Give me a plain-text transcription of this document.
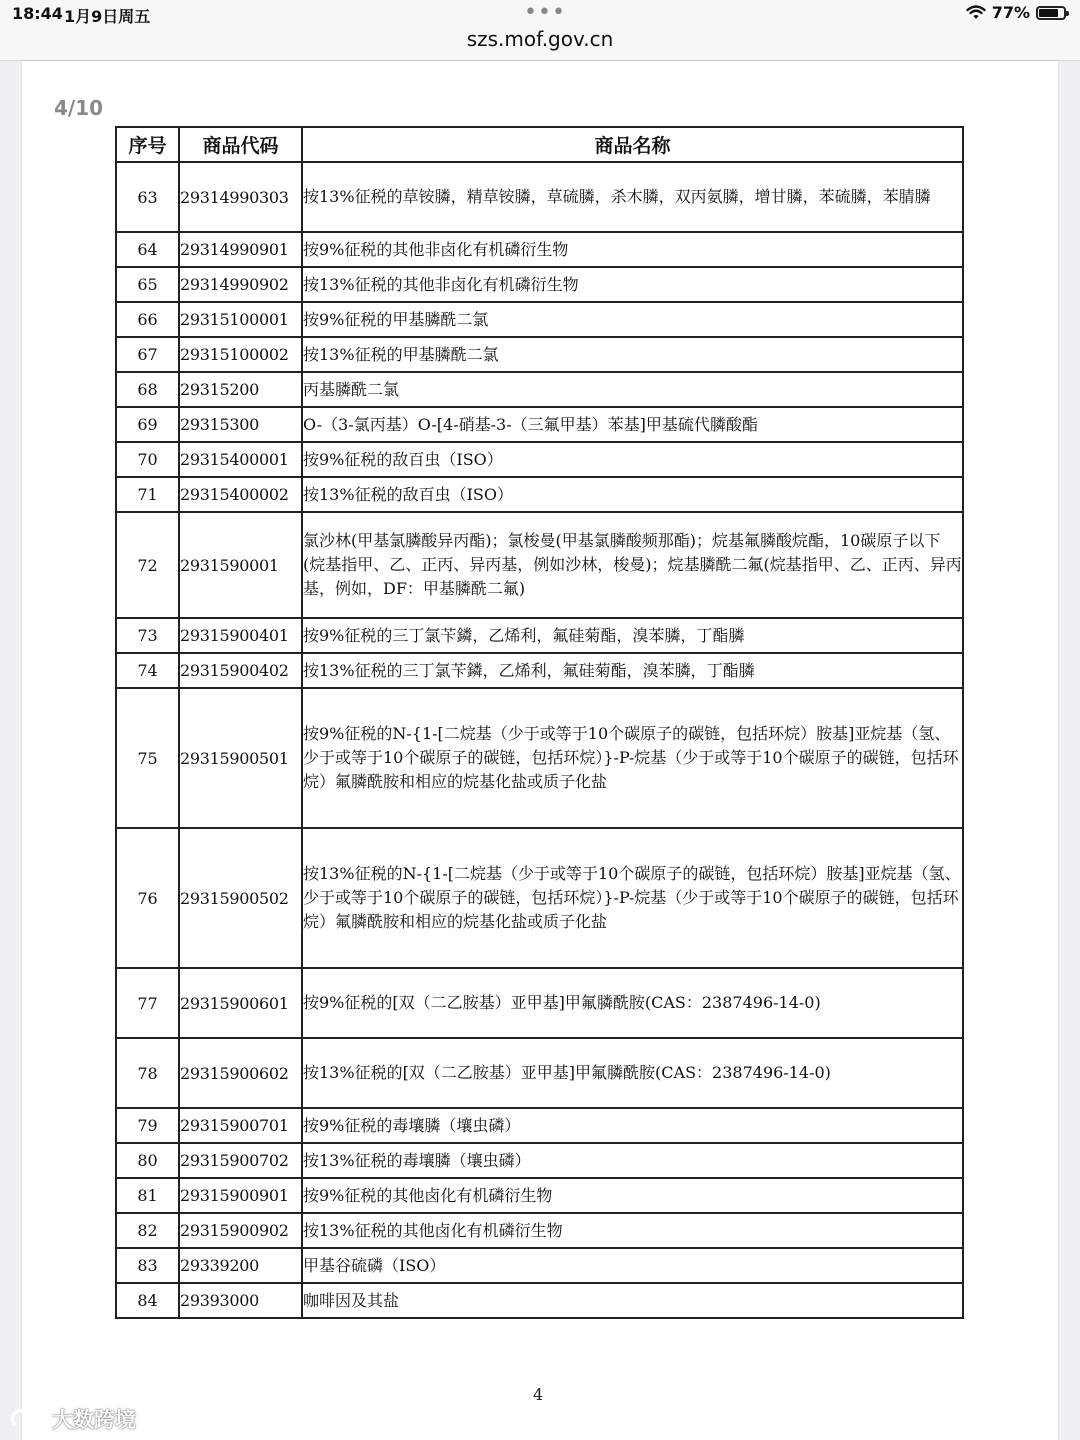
18:44 1月9日周五	•••	77%
szs.mof.gov.cn
4/10
序号	商品代码	商品名称
63	29314990303	按13%征税的草铵膦，精草铵膦，草硫膦，杀木膦，双丙氨膦，增甘膦，苯硫膦，苯腈膦
64	29314990901	按9%征税的其他非卤化有机磷衍生物
65	29314990902	按13%征税的其他非卤化有机磷衍生物
66	29315100001	按9%征税的甲基膦酰二氯
67	29315100002	按13%征税的甲基膦酰二氯
68	29315200	丙基膦酰二氯
69	29315300	O-（3-氯丙基）O-[4-硝基-3-（三氟甲基）苯基]甲基硫代膦酸酯
70	29315400001	按9%征税的敌百虫（ISO）
71	29315400002	按13%征税的敌百虫（ISO）
72	2931590001	氯沙林(甲基氯膦酸异丙酯)；氯梭曼(甲基氯膦酸频那酯)；烷基氟膦酸烷酯，10碳原子以下(烷基指甲、乙、正丙、异丙基，例如沙林，梭曼)；烷基膦酰二氟(烷基指甲、乙、正丙、异丙基，例如，DF：甲基膦酰二氟)
73	29315900401	按9%征税的三丁氯苄鏻，乙烯利，氟硅菊酯，溴苯膦，丁酯膦
74	29315900402	按13%征税的三丁氯苄鏻，乙烯利，氟硅菊酯，溴苯膦，丁酯膦
75	29315900501	按9%征税的N-{1-[二烷基（少于或等于10个碳原子的碳链，包括环烷）胺基]亚烷基（氢、少于或等于10个碳原子的碳链，包括环烷）}-P-烷基（少于或等于10个碳原子的碳链，包括环烷）氟膦酰胺和相应的烷基化盐或质子化盐
76	29315900502	按13%征税的N-{1-[二烷基（少于或等于10个碳原子的碳链，包括环烷）胺基]亚烷基（氢、少于或等于10个碳原子的碳链，包括环烷）}-P-烷基（少于或等于10个碳原子的碳链，包括环烷）氟膦酰胺和相应的烷基化盐或质子化盐
77	29315900601	按9%征税的[双（二乙胺基）亚甲基]甲氟膦酰胺(CAS：2387496-14-0)
78	29315900602	按13%征税的[双（二乙胺基）亚甲基]甲氟膦酰胺(CAS：2387496-14-0)
79	29315900701	按9%征税的毒壤膦（壤虫磷）
80	29315900702	按13%征税的毒壤膦（壤虫磷）
81	29315900901	按9%征税的其他卤化有机磷衍生物
82	29315900902	按13%征税的其他卤化有机磷衍生物
83	29339200	甲基谷硫磷（ISO）
84	29393000	咖啡因及其盐
4
大数跨境
